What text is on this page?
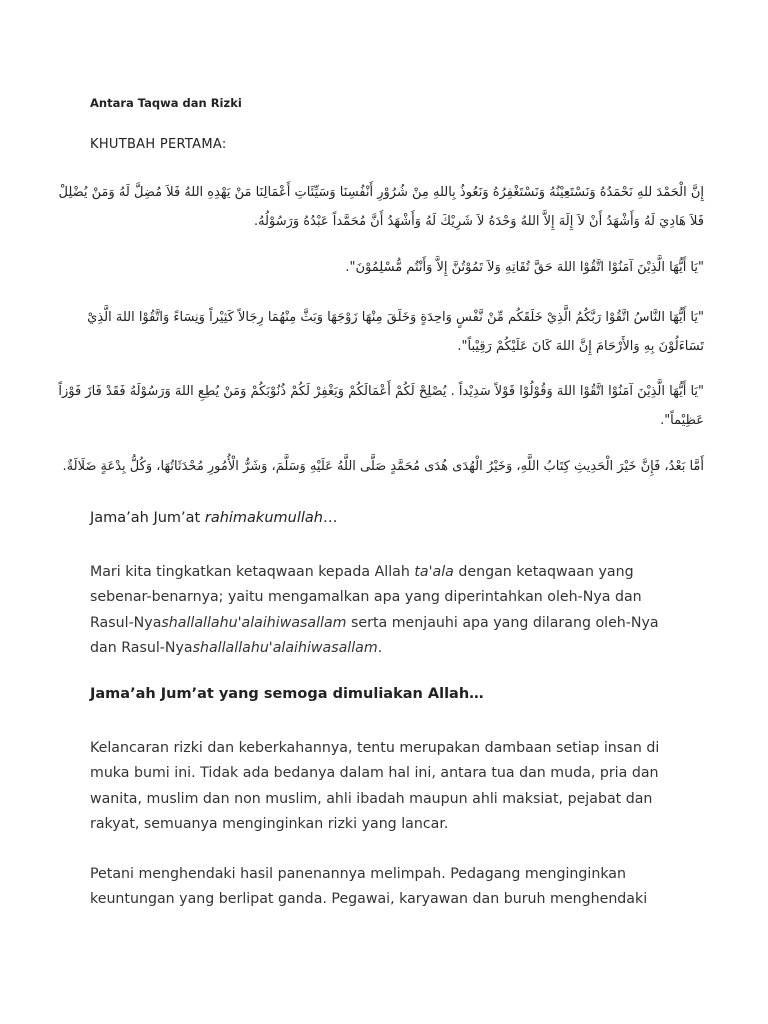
Antara Taqwa dan Rizki
KHUTBAH PERTAMA:
إِنَّ الْحَمْدَ للهِ نَحْمَدُهُ وَنَسْتَعِيْنُهُ وَنَسْتَغْفِرُهُ وَنَعُوذُ بِاللهِ مِنْ شُرُوْرِ أَنْفُسِنَا وَسَيِّئَاتِ أَعْمَالِنَا مَنْ يَهْدِهِ اللهُ فَلاَ مُضِلَّ لَهُ وَمَنْ يُضْلِلْ
فَلاَ هَادِيَ لَهُ وَأَشْهَدُ أَنْ لاَ إِلَهَ إِلاَّ اللهُ وَحْدَهُ لاَ شَرِيْكَ لَهُ وَأَشْهَدُ أَنَّ مُحَمَّداً عَبْدُهُ وَرَسُوْلُهُ.
"يَا أَيُّهَا الَّذِيْنَ آمَنُوْا اتَّقُوْا اللهَ حَقَّ تُقَاتِهِ وَلاَ تَمُوْتُنَّ إِلاَّ وَأَنْتُم مُّسْلِمُوْنَ".
"يَا أَيُّهَا النَّاسُ اتَّقُوْا رَبَّكُمُ الَّذِيْ خَلَقَكُم مِّنْ نَّفْسٍ وَاحِدَةٍ وَخَلَقَ مِنْهَا زَوْجَهَا وَبَثَّ مِنْهُمَا رِجَالاً كَثِيْراً وَنِسَاءً وَاتَّقُوْا اللهَ الَّذِيْ
تَسَاءَلُوْنَ بِهِ وَالأَرْحَامَ إِنَّ اللهَ كَانَ عَلَيْكُمْ رَقِيْباً".
"يَا أَيُّهَا الَّذِيْنَ آمَنُوْا اتَّقُوْا اللهَ وَقُوْلُوْا قَوْلاً سَدِيْداً . يُصْلِحْ لَكُمْ أَعْمَالَكُمْ وَيَغْفِرْ لَكُمْ ذُنُوْبَكُمْ وَمَنْ يُطِعِ اللهَ وَرَسُوْلَهُ فَقَدْ فَازَ فَوْزاً
عَظِيْماً".
أَمَّا بَعْدُ، فَإِنَّ خَيْرَ الْحَدِيثِ كِتَابُ اللَّهِ، وَخَيْرُ الْهُدَى هُدَى مُحَمَّدٍ صَلَّى اللَّهُ عَلَيْهِ وَسَلَّمَ، وَشَرُّ الْأُمُورِ مُحْدَثَاتُهَا، وَكُلُّ بِدْعَةٍ ضَلَالَةٌ.
Jama’ah Jum’at rahimakumullah…
Mari kita tingkatkan ketaqwaan kepada Allah ta'ala dengan ketaqwaan yang
sebenar-benarnya; yaitu mengamalkan apa yang diperintahkan oleh-Nya dan
Rasul-Nyashallallahu'alaihiwasallam serta menjauhi apa yang dilarang oleh-Nya
dan Rasul-Nyashallallahu'alaihiwasallam.
Jama’ah Jum’at yang semoga dimuliakan Allah…
Kelancaran rizki dan keberkahannya, tentu merupakan dambaan setiap insan di
muka bumi ini. Tidak ada bedanya dalam hal ini, antara tua dan muda, pria dan
wanita, muslim dan non muslim, ahli ibadah maupun ahli maksiat, pejabat dan
rakyat, semuanya menginginkan rizki yang lancar.
Petani menghendaki hasil panenannya melimpah. Pedagang menginginkan
keuntungan yang berlipat ganda. Pegawai, karyawan dan buruh menghendaki
